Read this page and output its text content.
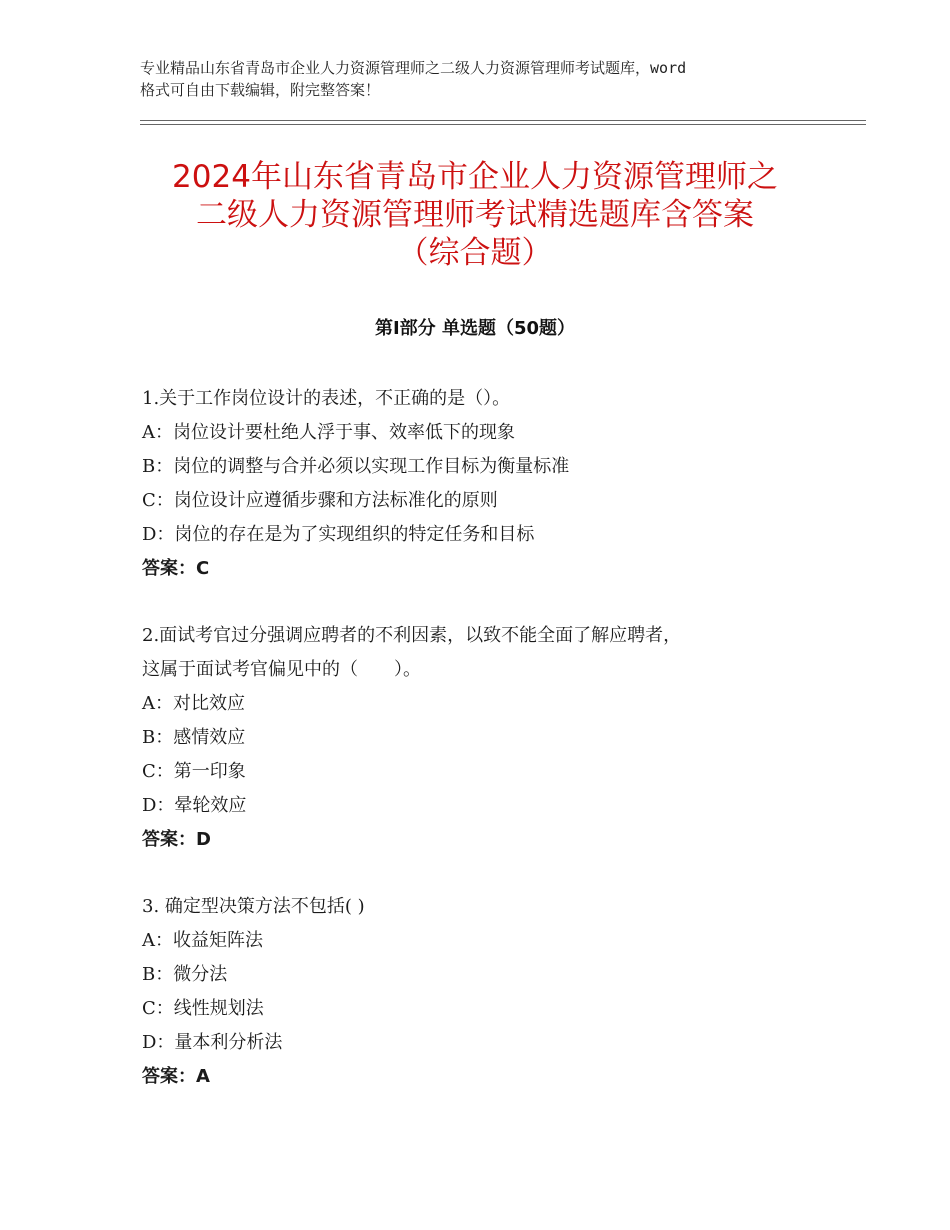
专业精品山东省青岛市企业人力资源管理师之二级人力资源管理师考试题库，word
格式可自由下载编辑，附完整答案！
2024年山东省青岛市企业人力资源管理师之
二级人力资源管理师考试精选题库含答案
（综合题）
第Ⅰ部分 单选题（50题）
1.关于工作岗位设计的表述，不正确的是（）。
A：岗位设计要杜绝人浮于事、效率低下的现象
B：岗位的调整与合并必须以实现工作目标为衡量标准
C：岗位设计应遵循步骤和方法标准化的原则
D：岗位的存在是为了实现组织的特定任务和目标
答案：C
2.面试考官过分强调应聘者的不利因素，以致不能全面了解应聘者，
这属于面试考官偏见中的（　　）。
A：对比效应
B：感情效应
C：第一印象
D：晕轮效应
答案：D
3. 确定型决策方法不包括( )
A：收益矩阵法
B：微分法
C：线性规划法
D：量本利分析法
答案：A
